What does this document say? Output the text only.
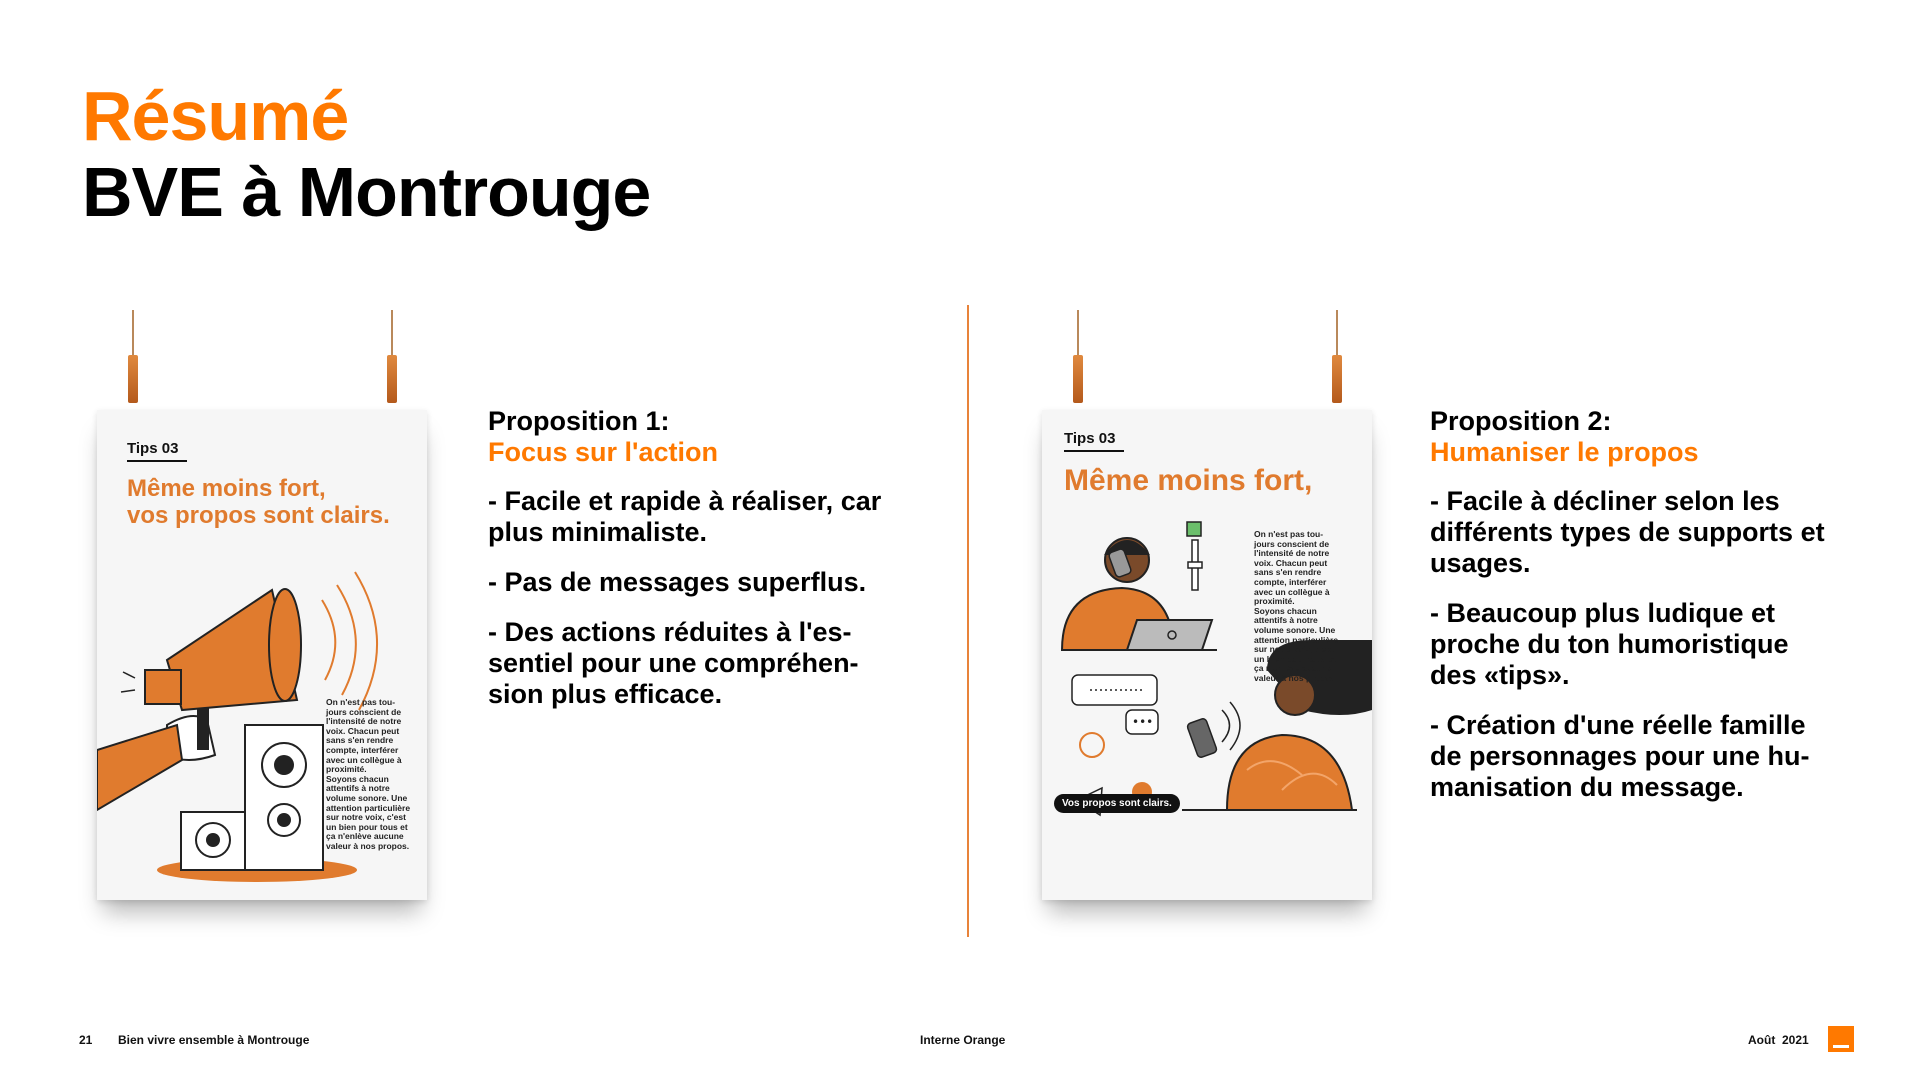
Résumé
BVE à Montrouge
Tips 03
Même moins fort,
vos propos sont clairs.
On n'est pas tou-
jours conscient de
l'intensité de notre
voix. Chacun peut
sans s'en rendre
compte, interférer
avec un collègue à
proximité.
Soyons chacun
attentifs à notre
volume sonore. Une
attention particulière
sur notre voix, c'est
un bien pour tous et
ça n'enlève aucune
valeur à nos propos.
Proposition 1:
Focus sur l'action
- Facile et rapide à réaliser, car
plus minimaliste.
- Pas de messages superflus.
- Des actions réduites à l'es-
sentiel pour une compréhen-
sion plus efficace.
Tips 03
Même moins fort,
•••
On n'est pas tou-
jours conscient de
l'intensité de notre
voix. Chacun peut
sans s'en rendre
compte, interférer
avec un collègue à
proximité.
Soyons chacun
attentifs à notre
volume sonore. Une
attention particulière
sur notre voix, c'est
un bien pour tous et
ça n'enlève aucune
valeur à nos propos.
Vos propos sont clairs.
Proposition 2:
Humaniser le propos
- Facile à décliner selon les
différents types de supports et
usages.
- Beaucoup plus ludique et
proche du ton humoristique
des «tips».
- Création d'une réelle famille
de personnages pour une hu-
manisation du message.
21 Bien vivre ensemble à Montrouge	Interne Orange	Août  2021
